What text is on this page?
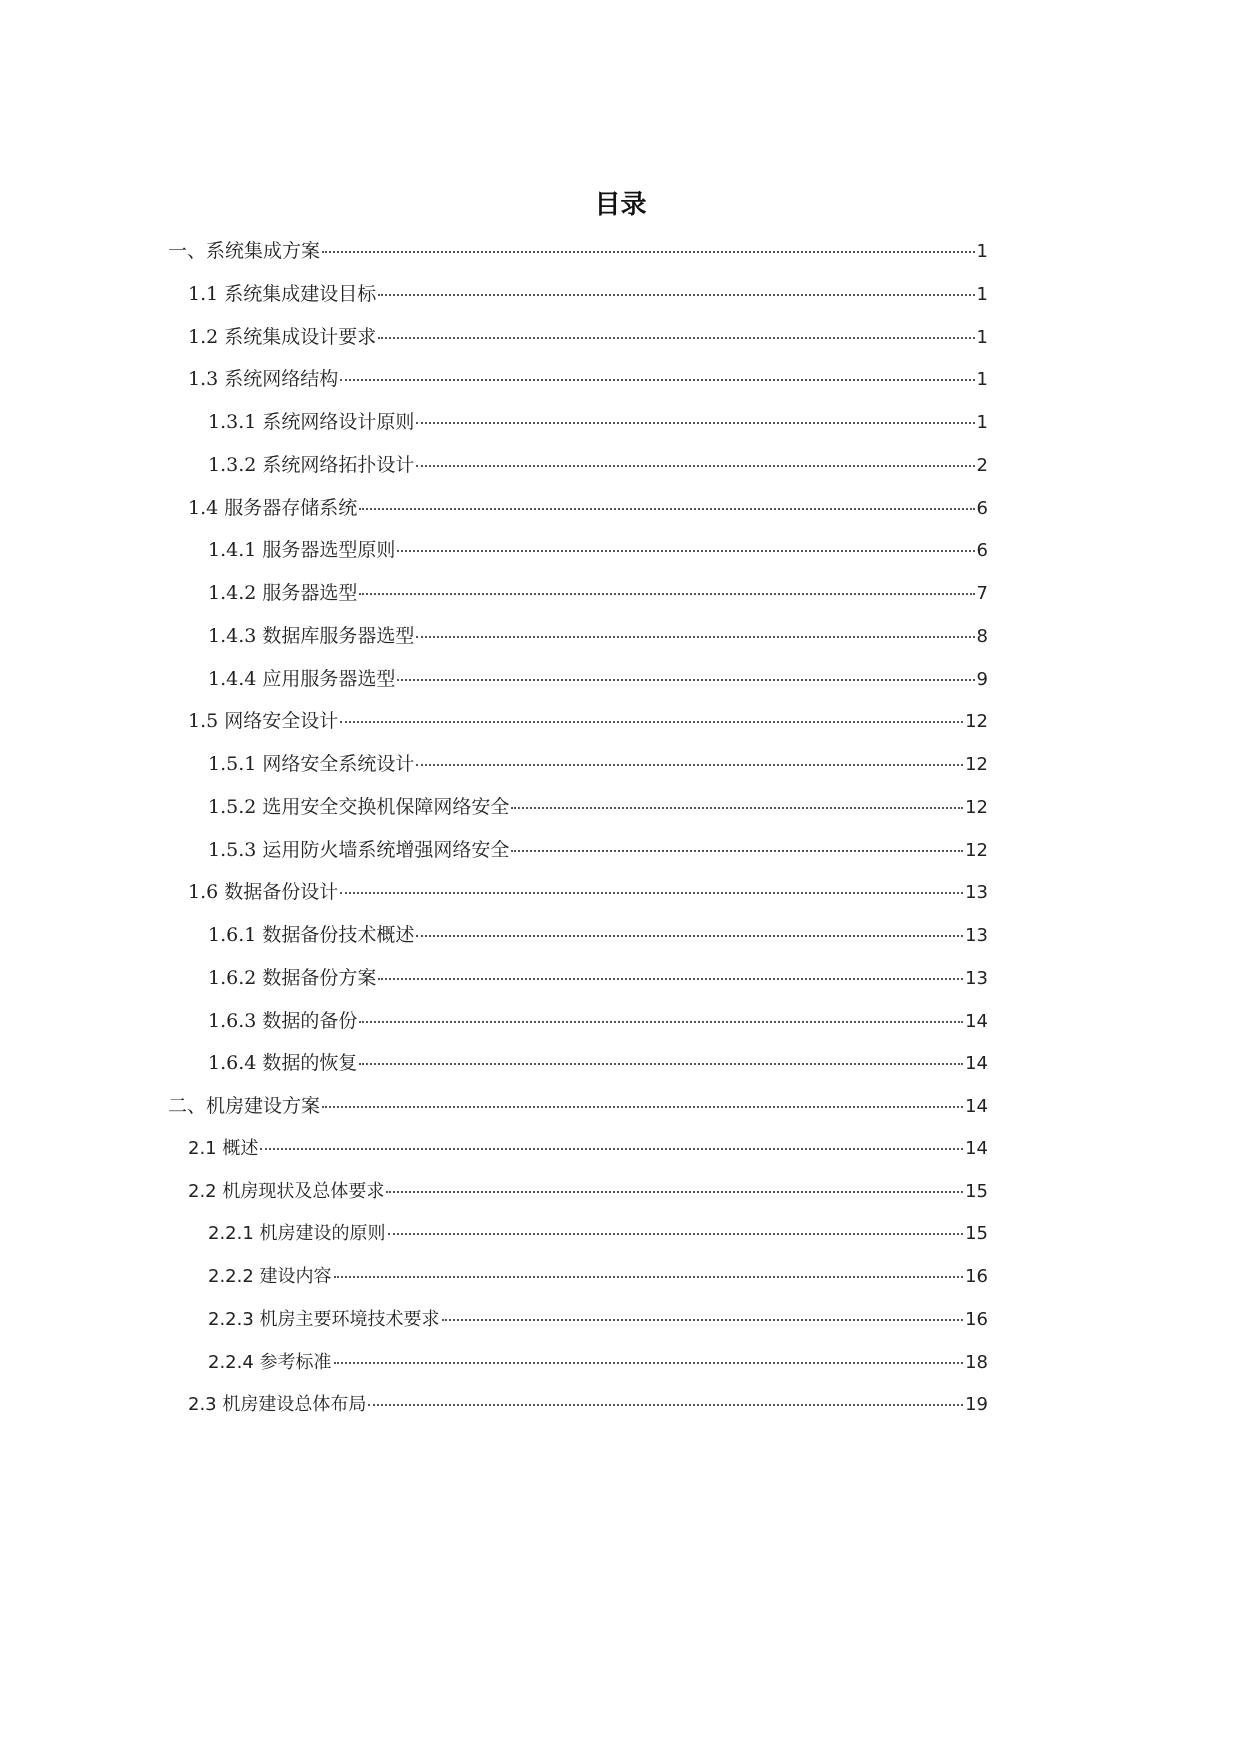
目录
一、系统集成方案	1
1.1 系统集成建设目标	1
1.2 系统集成设计要求	1
1.3 系统网络结构	1
1.3.1 系统网络设计原则	1
1.3.2 系统网络拓扑设计	2
1.4 服务器存储系统	6
1.4.1 服务器选型原则	6
1.4.2 服务器选型	7
1.4.3 数据库服务器选型	8
1.4.4 应用服务器选型	9
1.5 网络安全设计	12
1.5.1 网络安全系统设计	12
1.5.2 选用安全交换机保障网络安全	12
1.5.3 运用防火墙系统增强网络安全	12
1.6 数据备份设计	13
1.6.1 数据备份技术概述	13
1.6.2 数据备份方案	13
1.6.3 数据的备份	14
1.6.4 数据的恢复	14
二、机房建设方案	14
2.1 概述	14
2.2 机房现状及总体要求	15
2.2.1 机房建设的原则	15
2.2.2 建设内容	16
2.2.3 机房主要环境技术要求	16
2.2.4 参考标准	18
2.3 机房建设总体布局	19
